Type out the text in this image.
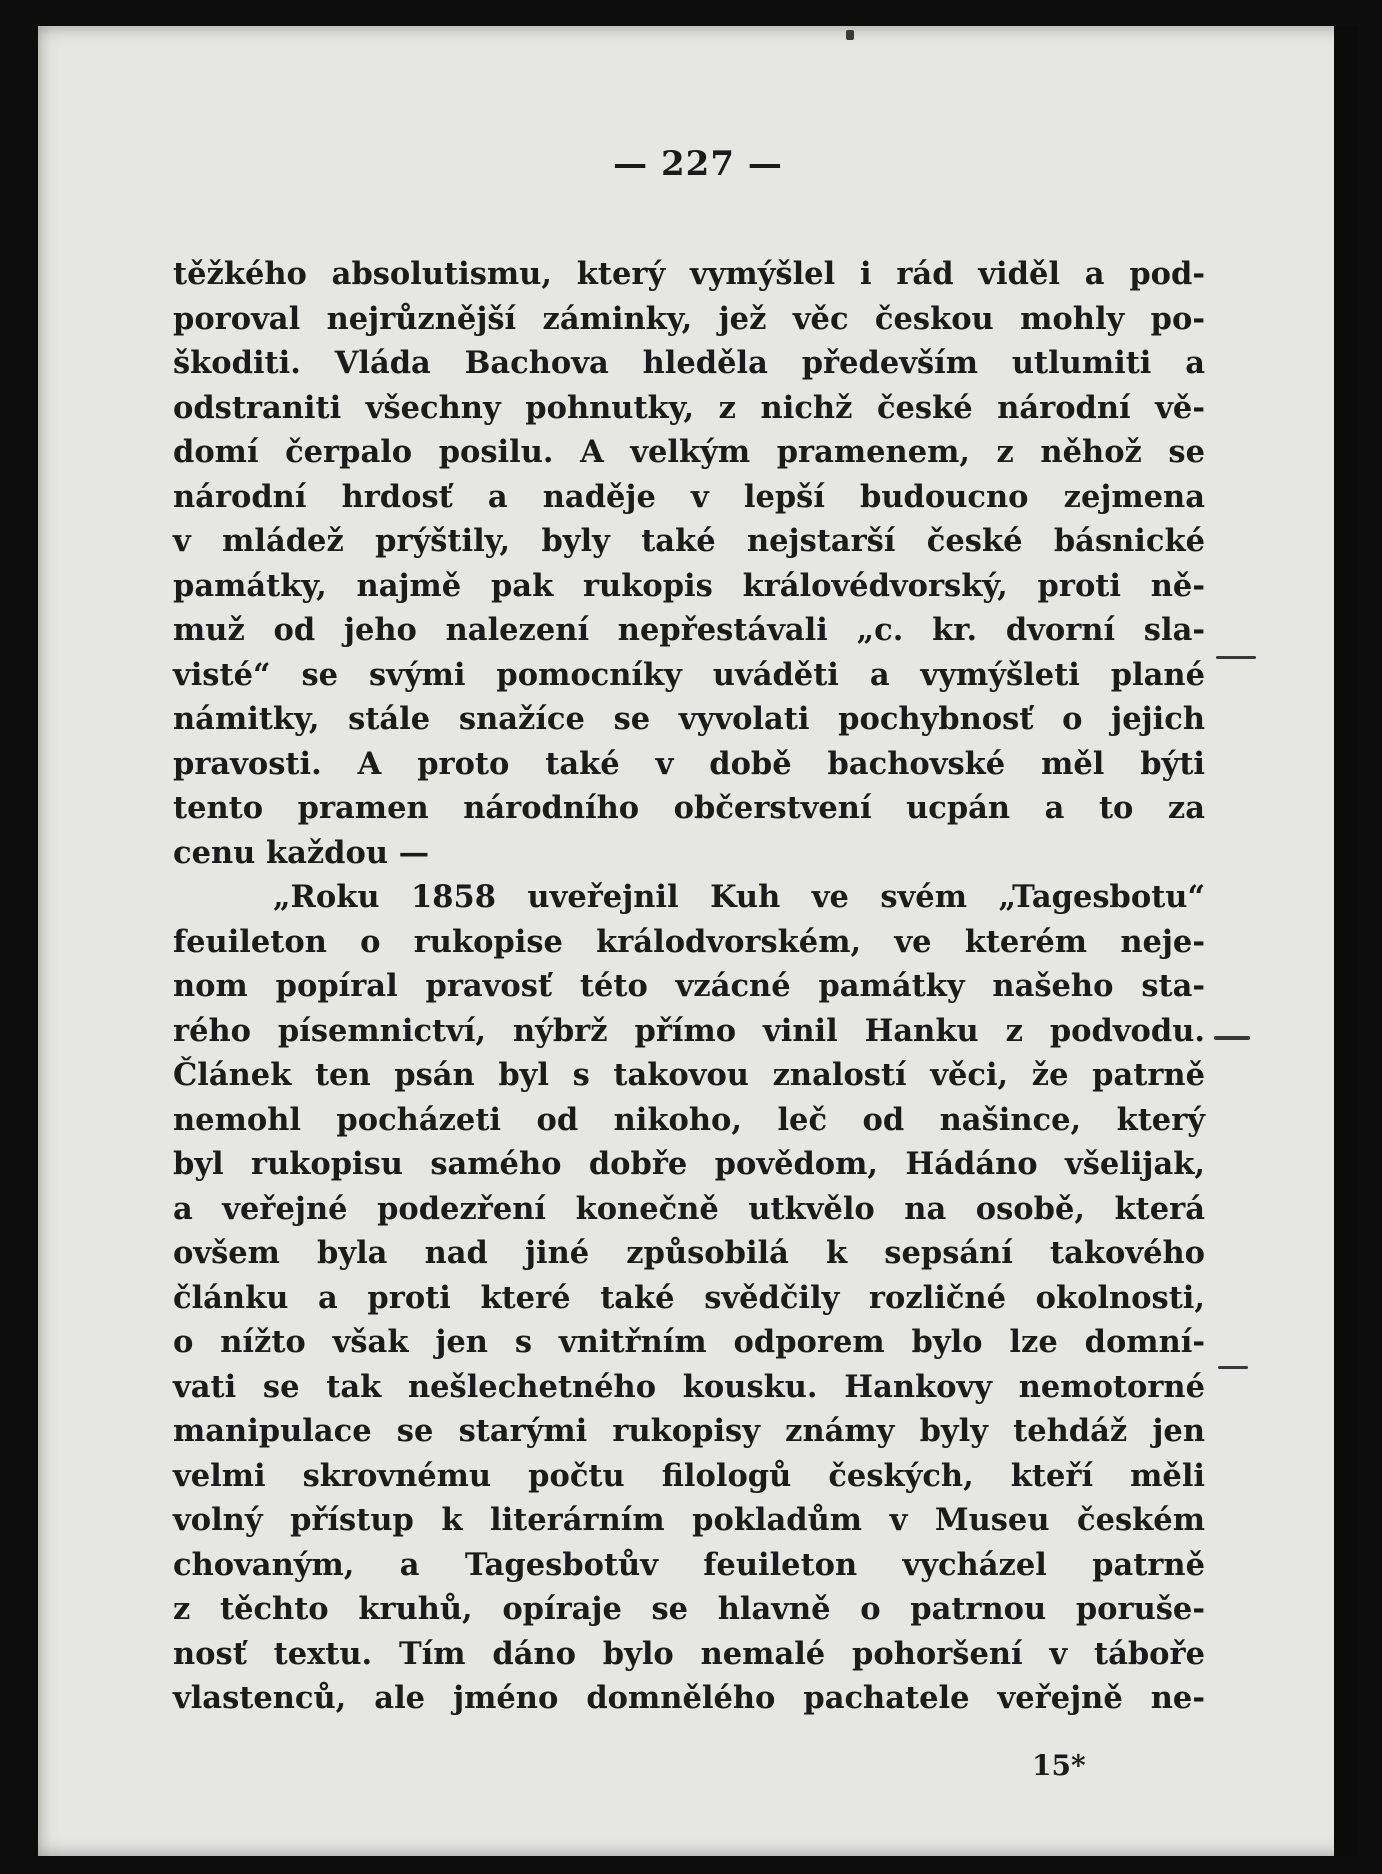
— 227 —
těžkého absolutismu, který vymýšlel i rád viděl a pod-
poroval nejrůznější záminky, jež věc českou mohly po-
škoditi. Vláda Bachova hleděla především utlumiti a
odstraniti všechny pohnutky, z nichž české národní vě-
domí čerpalo posilu. A velkým pramenem, z něhož se
národní hrdosť a naděje v lepší budoucno zejmena
v mládež prýštily, byly také nejstarší české básnické
památky, najmě pak rukopis královédvorský, proti ně-
muž od jeho nalezení nepřestávali „c. kr. dvorní sla-
visté“ se svými pomocníky uváděti a vymýšleti plané
námitky, stále snažíce se vyvolati pochybnosť o jejich
pravosti. A proto také v době bachovské měl býti
tento pramen národního občerstvení ucpán a to za
cenu každou —
„Roku 1858 uveřejnil Kuh ve svém „Tagesbotu“
feuileton o rukopise králodvorském, ve kterém neje-
nom popíral pravosť této vzácné památky našeho sta-
rého písemnictví, nýbrž přímo vinil Hanku z podvodu.
Článek ten psán byl s takovou znalostí věci, že patrně
nemohl pocházeti od nikoho, leč od našince, který
byl rukopisu samého dobře povědom, Hádáno všelijak,
a veřejné podezření konečně utkvělo na osobě, která
ovšem byla nad jiné způsobilá k sepsání takového
článku a proti které také svědčily rozličné okolnosti,
o nížto však jen s vnitřním odporem bylo lze domní-
vati se tak nešlechetného kousku. Hankovy nemotorné
manipulace se starými rukopisy známy byly tehdáž jen
velmi skrovnému počtu filologů českých, kteří měli
volný přístup k literárním pokladům v Museu českém
chovaným, a Tagesbotův feuileton vycházel patrně
z těchto kruhů, opíraje se hlavně o patrnou poruše-
nosť textu. Tím dáno bylo nemalé pohoršení v táboře
vlastenců, ale jméno domnělého pachatele veřejně ne-
15*
